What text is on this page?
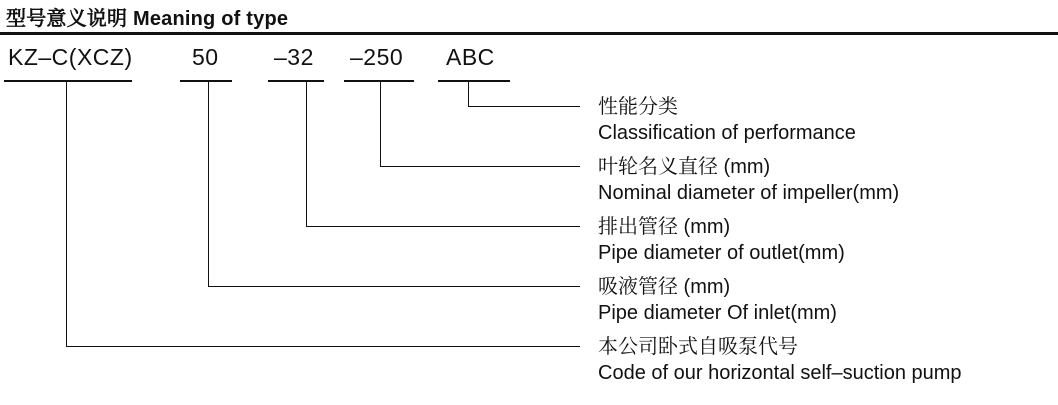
型号意义说明 Meaning of type
KZ–C(XCZ)	50 –32 –250 ABC
性能分类
Classification of performance
叶轮名义直径 (mm)
Nominal diameter of impeller(mm)
排出管径 (mm)
Pipe diameter of outlet(mm)
吸液管径 (mm)
Pipe diameter Of inlet(mm)
本公司卧式自吸泵代号
Code of our horizontal self–suction pump
